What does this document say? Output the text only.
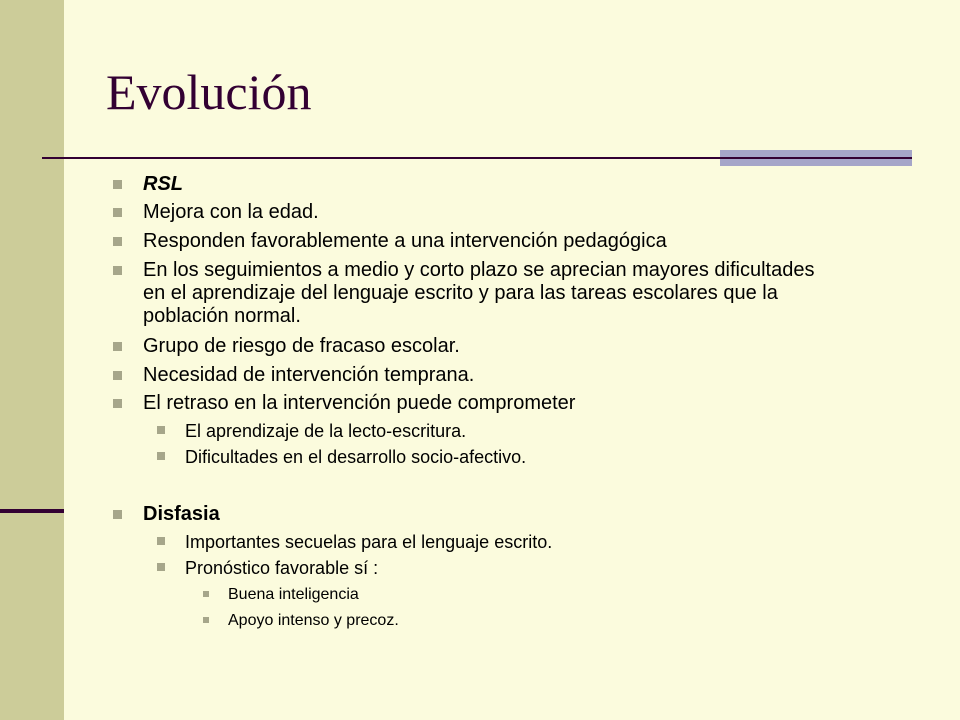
Evolución
RSL
Mejora con la edad.
Responden favorablemente a una intervención pedagógica
En los seguimientos a medio y corto plazo se aprecian mayores dificultades en el aprendizaje del lenguaje escrito y para las tareas escolares que la población normal.
Grupo de riesgo de fracaso escolar.
Necesidad de intervención temprana.
El retraso en la intervención puede comprometer
El aprendizaje de la lecto-escritura.
Dificultades en el desarrollo socio-afectivo.
Disfasia
Importantes secuelas para el lenguaje escrito.
Pronóstico favorable sí :
Buena inteligencia
Apoyo intenso y precoz.
